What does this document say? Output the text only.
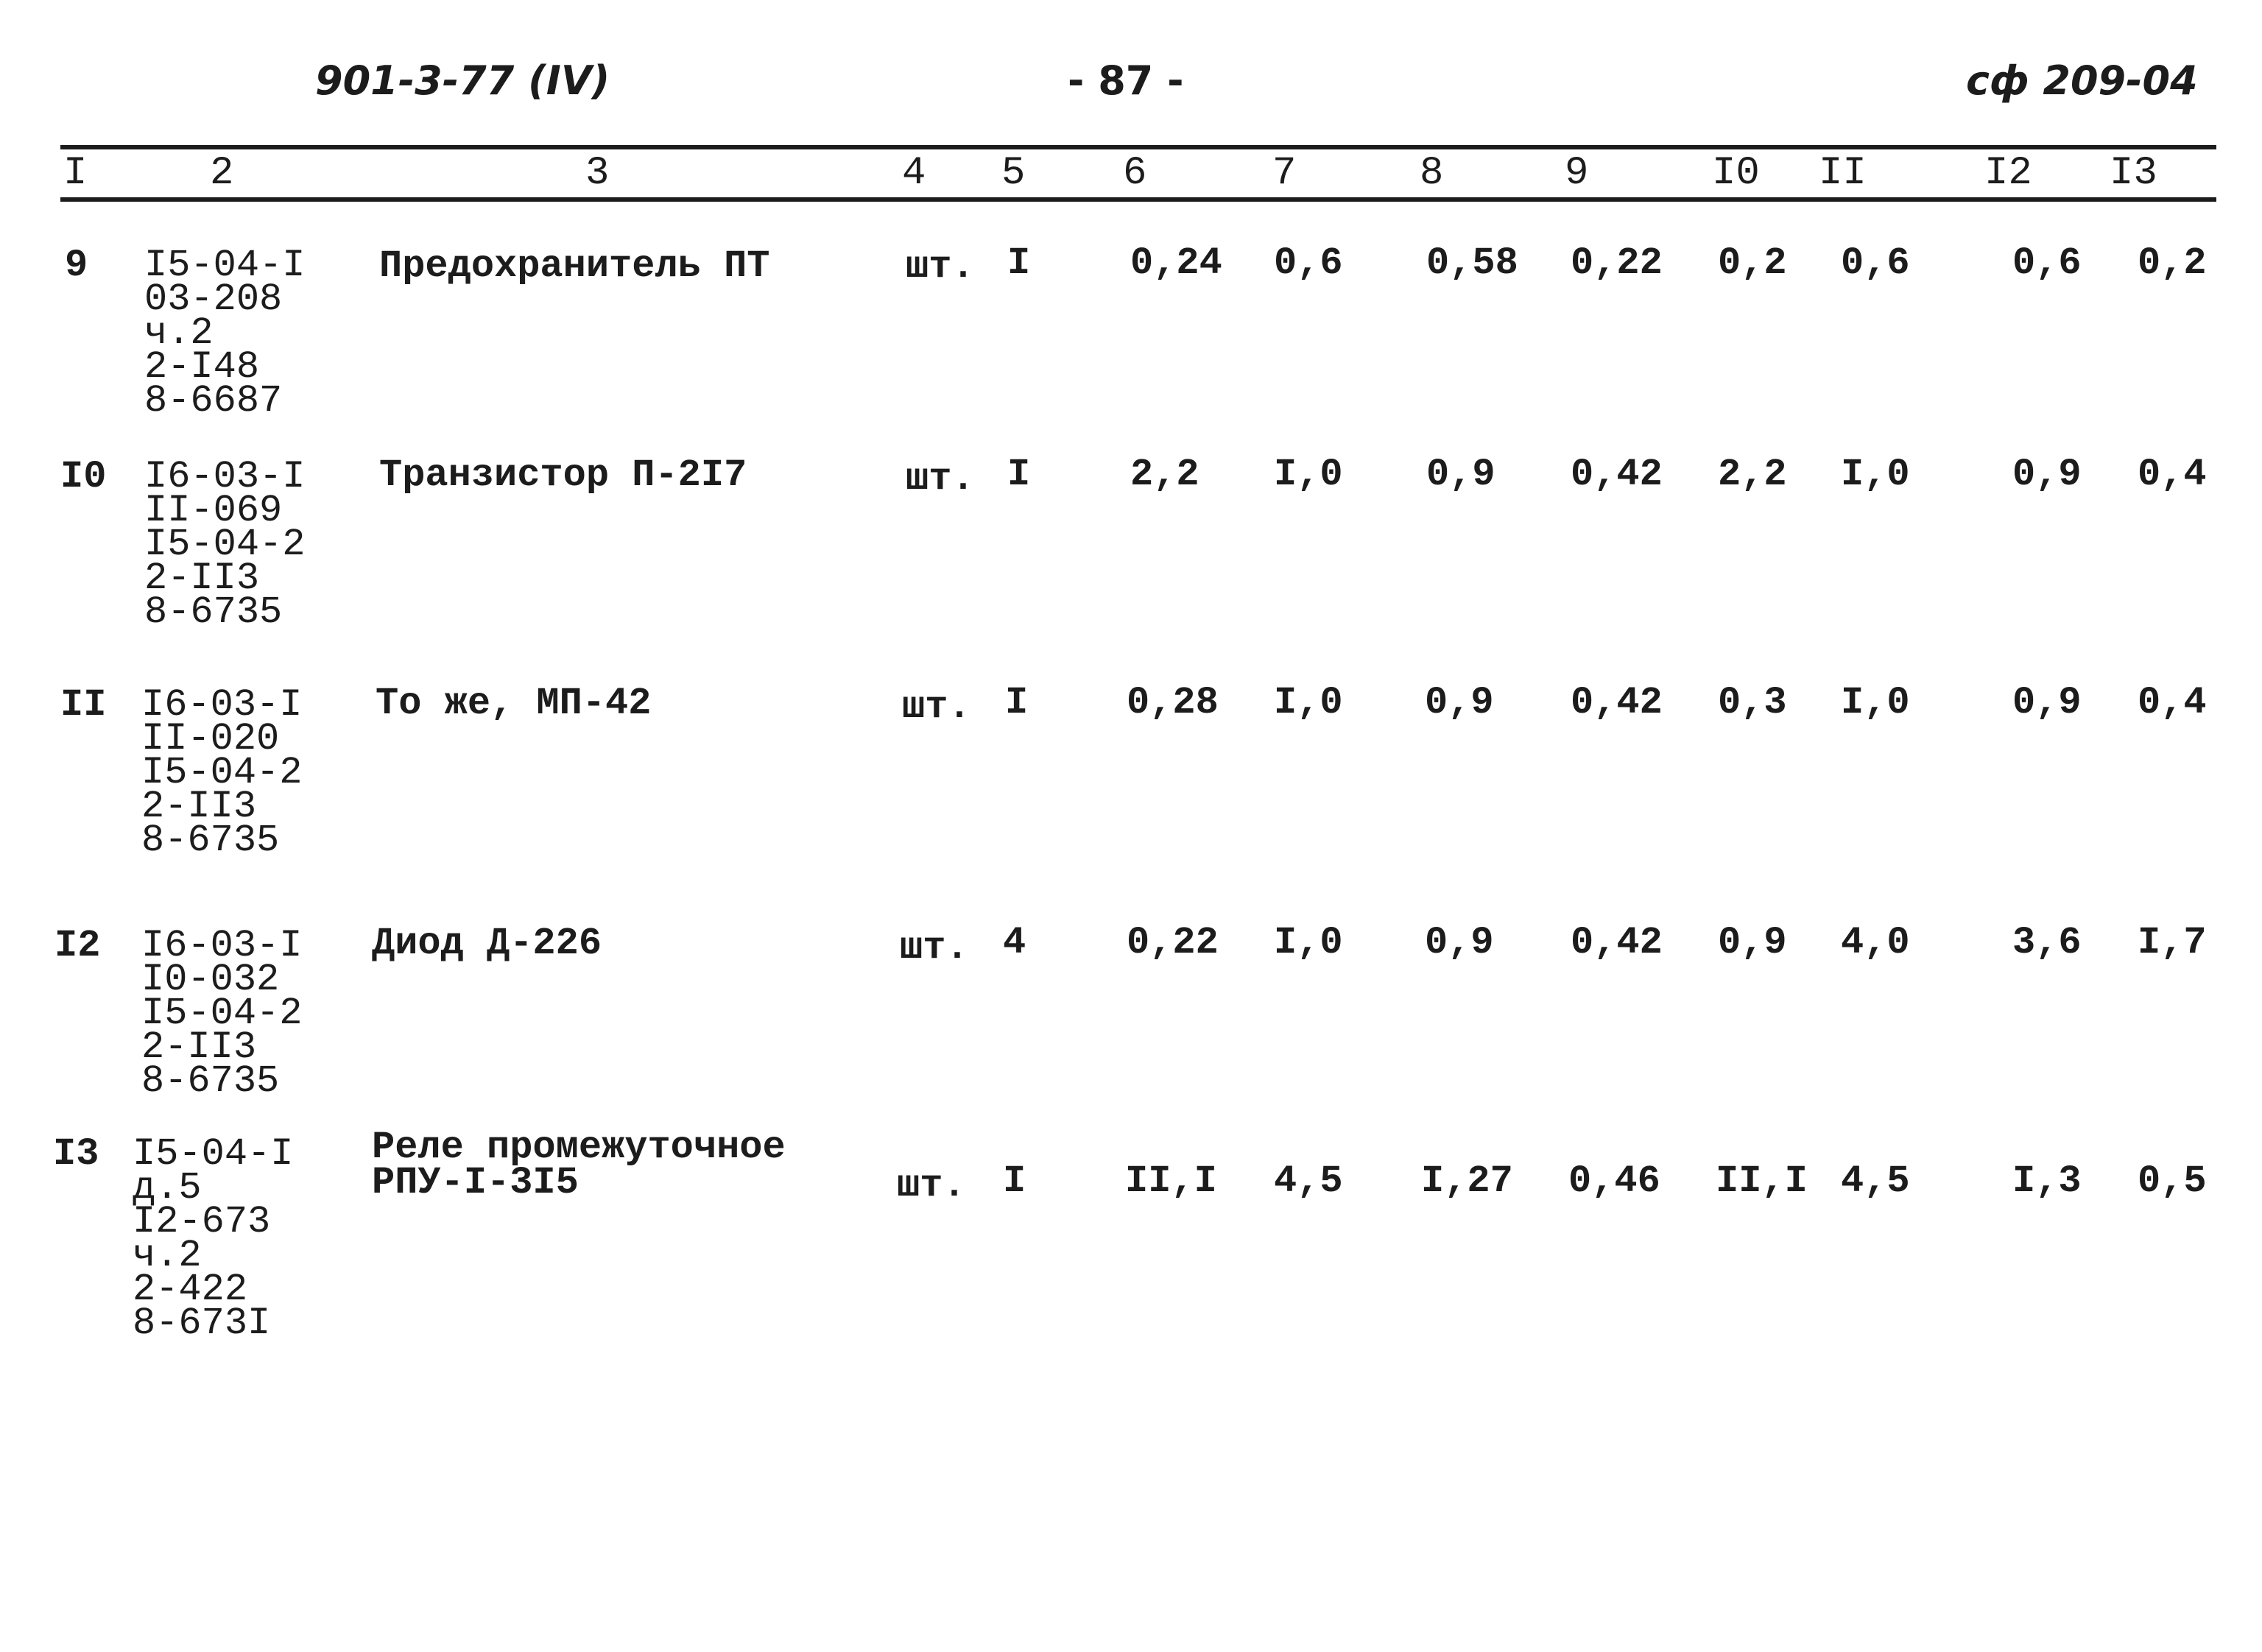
901-3-77 (IV)	- 87 -	сф 209-04
I	2	3	4 5 6	7	8	9	I0 II	I2 I3
9 I5-04-I
03-208
ч.2
2-I48
8-6687
Предохранитель ПТ	шт. I	0,24 0,6 0,58 0,22 0,2 0,6	0,6 0,2
I0 I6-03-I
II-069
I5-04-2
2-II3
8-6735
Транзистор П-2I7	шт. I	2,2 I,0 0,9 0,42 2,2 I,0	0,9 0,4
II I6-03-I
II-020
I5-04-2
2-II3
8-6735
То же, МП-42	шт. I	0,28 I,0 0,9 0,42 0,3 I,0	0,9 0,4
I2 I6-03-I
I0-032
I5-04-2
2-II3
8-6735
Диод Д-226	шт. 4	0,22 I,0 0,9 0,42 0,9 4,0	3,6 I,7
I3 I5-04-I
д.5
I2-673
ч.2
2-422
8-673I
Реле промежуточное
РПУ-I-3I5	шт. I	II,I 4,5 I,27 0,46 II,I 4,5	I,3 0,5
